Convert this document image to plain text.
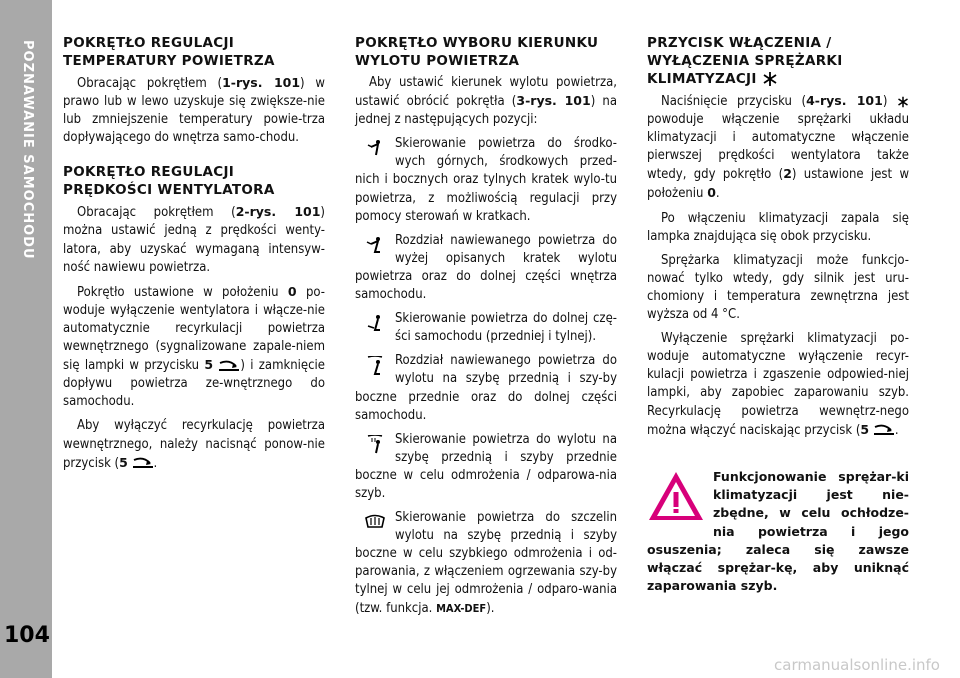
POZNAWANIE SAMOCHODU
104
POKRĘTŁO REGULACJI TEMPERATURY POWIETRZA

Obracając pokrętłem (1-rys. 101) w prawo lub w lewo uzyskuje się zwiększe-nie lub zmniejszenie temperatury powie-trza dopływającego do wnętrza samo-chodu.

POKRĘTŁO REGULACJI PRĘDKOŚCI WENTYLATORA

Obracając pokrętłem (2-rys. 101) można ustawić jedną z prędkości wenty-latora, aby uzyskać wymaganą intensyw-ność nawiewu powietrza.

Pokrętło ustawione w położeniu 0 po-woduje wyłączenie wentylatora i włącze-nie automatycznie recyrkulacji powietrza wewnętrznego (sygnalizowane zapale-niem się lampki w przycisku 5 ) i zamknięcie dopływu powietrza ze-wnętrznego do samochodu.

Aby wyłączyć recyrkulację powietrza wewnętrznego, należy nacisnąć ponow-nie przycisk (5 .

POKRĘTŁO WYBORU KIERUNKU WYLOTU POWIETRZA

Aby ustawić kierunek wylotu powietrza, ustawić obrócić pokrętła (3-rys. 101) na jednej z następujących pozycji:

Skierowanie powietrza do środko-wych górnych, środkowych przed-nich i bocznych oraz tylnych kratek wylo-tu powietrza, z możliwością regulacji przy pomocy sterowań w kratkach.

Rozdział nawiewanego powietrza do wyżej opisanych kratek wylotu powietrza oraz do dolnej części wnętrza samochodu.

Skierowanie powietrza do dolnej czę-ści samochodu (przedniej i tylnej).

Rozdział nawiewanego powietrza do wylotu na szybę przednią i szy-by boczne przednie oraz do dolnej części samochodu.

Skierowanie powietrza do wylotu na szybę przednią i szyby przednie boczne w celu odmrożenia / odparowa-nia szyb.

Skierowanie powietrza do szczelin wylotu na szybę przednią i szyby boczne w celu szybkiego odmrożenia i od-parowania, z włączeniem ogrzewania szy-by tylnej w celu jej odmrożenia / odparo-wania (tzw. funkcja. MAX-DEF).

PRZYCISK WŁĄCZENIA / WYŁĄCZENIA SPRĘŻARKI KLIMATYZACJI

Naciśnięcie przycisku (4-rys. 101)  powoduje włączenie sprężarki układu klimatyzacji i automatyczne włączenie pierwszej prędkości wentylatora także wtedy, gdy pokrętło (2) ustawione jest w położeniu 0.

Po włączeniu klimatyzacji zapala się lampka znajdująca się obok przycisku.

Sprężarka klimatyzacji może funkcjo-nować tylko wtedy, gdy silnik jest uru-chomiony i temperatura zewnętrzna jest wyższa od 4 °C.

Wyłączenie sprężarki klimatyzacji po-woduje automatyczne wyłączenie recyr-kulacji powietrza i zgaszenie odpowied-niej lampki, aby zapobiec zaparowaniu szyb. Recyrkulację powietrza wewnętrz-nego można włączyć naciskając przycisk (5 .

Funkcjonowanie sprężar-ki klimatyzacji jest nie-zbędne, w celu ochłodze-nia powietrza i jego osuszenia; zaleca się zawsze włączać sprężar-kę, aby uniknąć zaparowania szyb.

carmanualsonline.info
